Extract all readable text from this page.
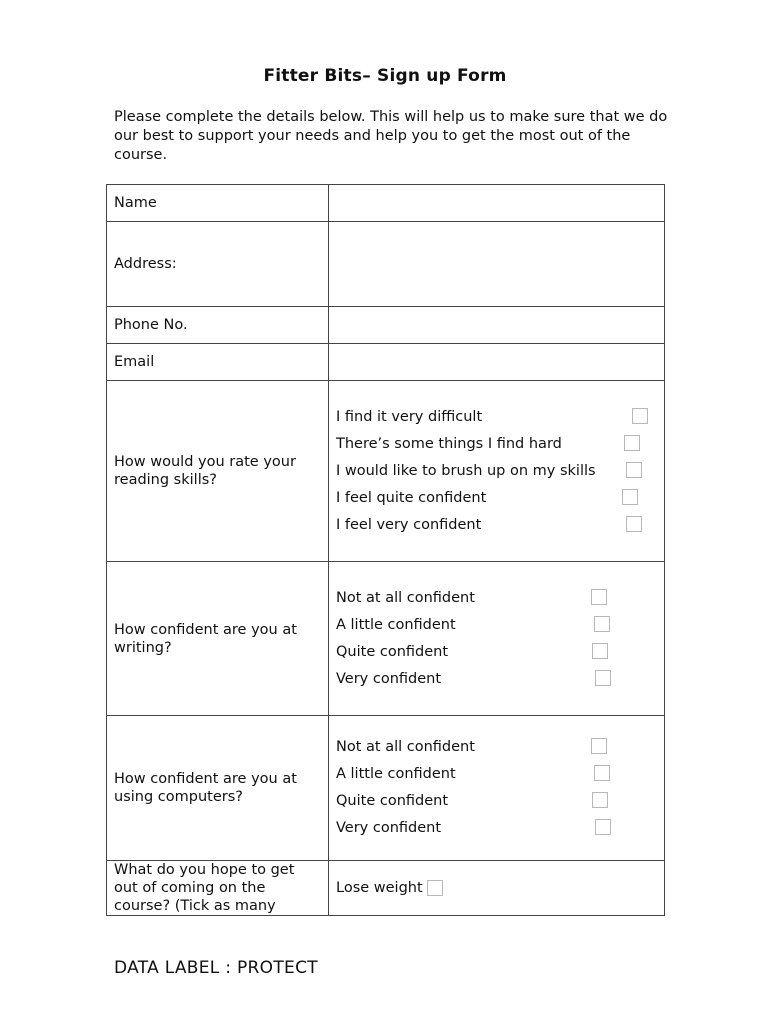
Fitter Bits– Sign up Form
Please complete the details below. This will help us to make sure that we do our best to support your needs and help you to get the most out of the course.
Name	
Address:	
Phone No.	
Email	
How would you rate your reading skills?	I find it very difficult
There’s some things I find hard
I would like to brush up on my skills
I feel quite confident
I feel very confident

How confident are you at writing?	Not at all confident
A little confident
Quite confident
Very confident

How confident are you at using computers?	Not at all confident
A little confident
Quite confident
Very confident

What do you hope to get out of coming on the course? (Tick as many	Lose weight
DATA LABEL : PROTECT
